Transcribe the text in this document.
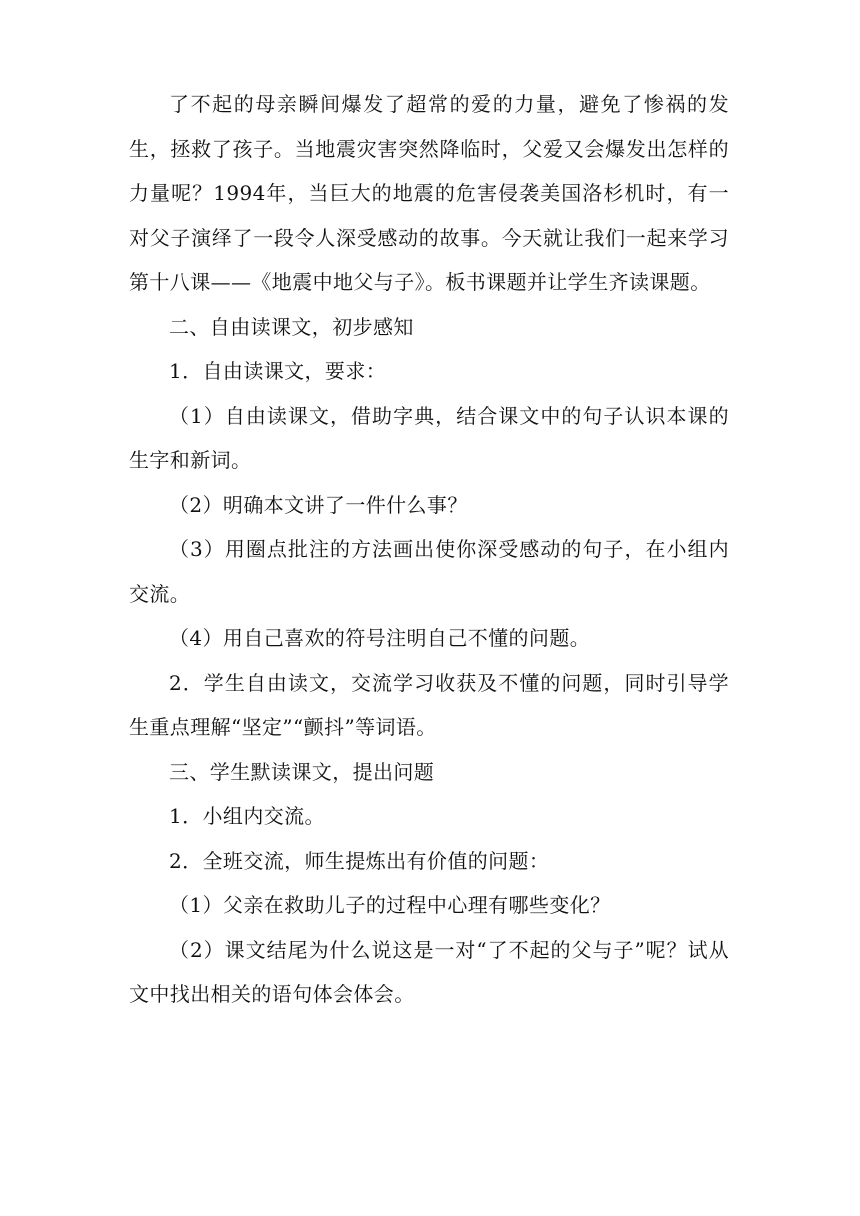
了不起的母亲瞬间爆发了超常的爱的力量，避免了惨祸的发生，拯救了孩子。当地震灾害突然降临时，父爱又会爆发出怎样的力量呢？1994年，当巨大的地震的危害侵袭美国洛杉机时，有一对父子演绎了一段令人深受感动的故事。今天就让我们一起来学习第十八课——《地震中地父与子》。板书课题并让学生齐读课题。

二、自由读课文，初步感知

1．自由读课文，要求：

（1）自由读课文，借助字典，结合课文中的句子认识本课的生字和新词。

（2）明确本文讲了一件什么事？

（3）用圈点批注的方法画出使你深受感动的句子，在小组内交流。

（4）用自己喜欢的符号注明自己不懂的问题。

2．学生自由读文，交流学习收获及不懂的问题，同时引导学生重点理解“坚定”“颤抖”等词语。

三、学生默读课文，提出问题

1．小组内交流。

2．全班交流，师生提炼出有价值的问题：

（1）父亲在救助儿子的过程中心理有哪些变化？

（2）课文结尾为什么说这是一对“了不起的父与子”呢？试从文中找出相关的语句体会体会。
